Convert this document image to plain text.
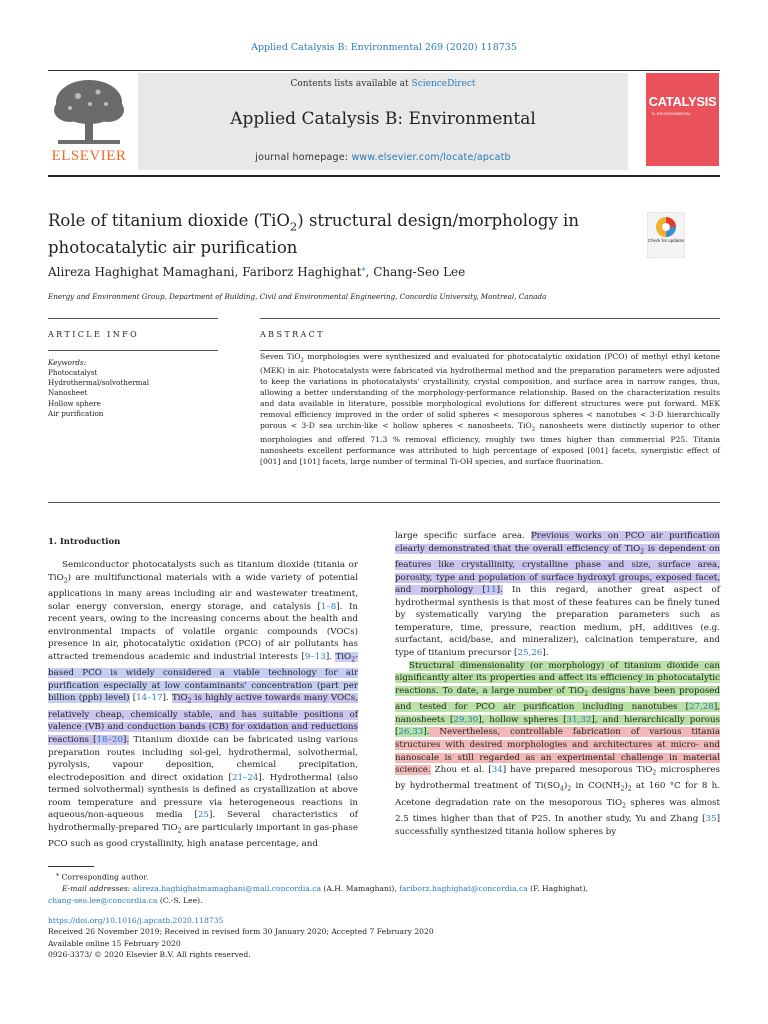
Applied Catalysis B: Environmental 269 (2020) 118735
ELSEVIER
Contents lists available at ScienceDirect
Applied Catalysis B: Environmental
journal homepage: www.elsevier.com/locate/apcatb
CATALYSIS
B: ENVIRONMENTAL
Role of titanium dioxide (TiO$_2$) structural design/morphology in
photocatalytic air purification	Check for updates
Alireza Haghighat Mamaghani, Fariborz Haghighat⁎, Chang-Seo Lee
Energy and Environment Group, Department of Building, Civil and Environmental Engineering, Concordia University, Montreal, Canada
ARTICLE INFO	ABSTRACT
Keywords:
Photocatalyst
Hydrothermal/solvothermal
Nanosheet
Hollow sphere
Air purification
Seven TiO$_2$ morphologies were synthesized and evaluated for photocatalytic oxidation (PCO) of methyl ethyl ketone (MEK) in air. Photocatalysts were fabricated via hydrothermal method and the preparation parameters were adjusted to keep the variations in photocatalysts' crystallinity, crystal composition, and surface area in narrow ranges, thus, allowing a better understanding of the morphology-performance relationship. Based on the characterization results and data available in literature, possible morphological evolutions for different structures were put forward. MEK removal efficiency improved in the order of solid spheres < mesoporous spheres < nanotubes < 3-D hierarchically porous < 3-D sea urchin-like < hollow spheres < nanosheets. TiO$_2$ nanosheets were distinctly superior to other morphologies and offered 71.3 % removal efficiency, roughly two times higher than commercial P25. Titania nanosheets excellent performance was attributed to high percentage of exposed [001] facets, synergistic effect of [001] and [101] facets, large number of terminal Ti-OH species, and surface fluorination.
1. Introduction

Semiconductor photocatalysts such as titanium dioxide (titania or TiO$_2$) are multifunctional materials with a wide variety of potential applications in many areas including air and wastewater treatment, solar energy conversion, energy storage, and catalysis [1–8]. In recent years, owing to the increasing concerns about the health and environmental impacts of volatile organic compounds (VOCs) presence in air, photocatalytic oxidation (PCO) of air pollutants has attracted tremendous academic and industrial interests [9–13]. TiO$_2$-based PCO is widely considered a viable technology for air purification especially at low contaminants' concentration (part per billion (ppb) level) [14–17]. TiO$_2$ is highly active towards many VOCs, relatively cheap, chemically stable, and has suitable positions of valence (VB) and conduction bands (CB) for oxidation and reductions reactions [18–20]. Titanium dioxide can be fabricated using various preparation routes including sol-gel, hydrothermal, solvothermal, pyrolysis, vapour deposition, chemical precipitation, electrodeposition and direct oxidation [21–24]. Hydrothermal (also termed solvothermal) synthesis is defined as crystallization at above room temperature and pressure via heterogeneous reactions in aqueous/non-aqueous media [25]. Several characteristics of hydrothermally-prepared TiO$_2$ are particularly important in gas-phase PCO such as good crystallinity, high anatase percentage, and

large specific surface area. Previous works on PCO air purification clearly demonstrated that the overall efficiency of TiO$_2$ is dependent on features like crystallinity, crystalline phase and size, surface area, porosity, type and population of surface hydroxyl groups, exposed facet, and morphology [11]. In this regard, another great aspect of hydrothermal synthesis is that most of these features can be finely tuned by systematically varying the preparation parameters such as temperature, time, pressure, reaction medium, pH, additives (e.g. surfactant, acid/base, and mineralizer), calcination temperature, and type of titanium precursor [25,26].

Structural dimensionality (or morphology) of titanium dioxide can significantly alter its properties and affect its efficiency in photocatalytic reactions. To date, a large number of TiO$_2$ designs have been proposed and tested for PCO air purification including nanotubes [27,28], nanosheets [29,30], hollow spheres [31,32], and hierarchically porous [26,33]. Nevertheless, controllable fabrication of various titania structures with desired morphologies and architectures at micro- and nanoscale is still regarded as an experimental challenge in material science. Zhou et al. [34] have prepared mesoporous TiO$_2$ microspheres by hydrothermal treatment of $Ti(SO_4)_2$ in $CO(NH_2)_2$ at 160 °C for 8 h. Acetone degradation rate on the mesoporous TiO$_2$ spheres was almost 2.5 times higher than that of P25. In another study, Yu and Zhang [35] successfully synthesized titania hollow spheres by

⁎ Corresponding author.
E-mail addresses: alireza.haghighatmamaghani@mail.concordia.ca (A.H. Mamaghani), fariborz.haghighat@concordia.ca (F. Haghighat),
chang-seo.lee@concordia.ca (C.-S. Lee).
https://doi.org/10.1016/j.apcatb.2020.118735
Received 26 November 2019; Received in revised form 30 January 2020; Accepted 7 February 2020
Available online 15 February 2020
0926-3373/ © 2020 Elsevier B.V. All rights reserved.
